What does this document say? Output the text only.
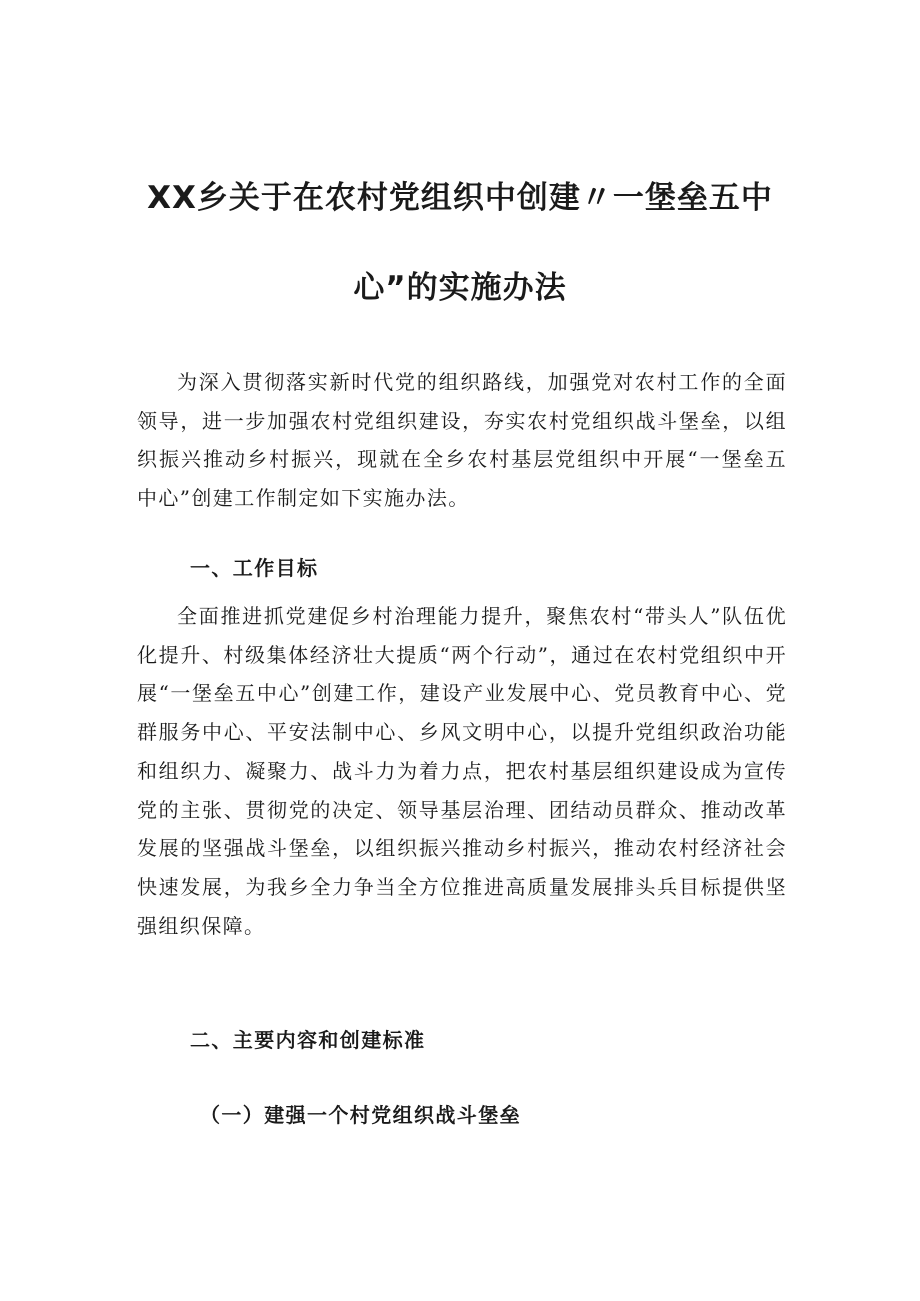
XX乡关于在农村党组织中创建〃一堡垒五中
心”的实施办法

为深入贯彻落实新时代党的组织路线，加强党对农村工作的全面领导，进一步加强农村党组织建设，夯实农村党组织战斗堡垒，以组织振兴推动乡村振兴，现就在全乡农村基层党组织中开展“一堡垒五中心”创建工作制定如下实施办法。

一、工作目标

全面推进抓党建促乡村治理能力提升，聚焦农村“带头人”队伍优化提升、村级集体经济壮大提质“两个行动”，通过在农村党组织中开展“一堡垒五中心”创建工作，建设产业发展中心、党员教育中心、党群服务中心、平安法制中心、乡风文明中心，以提升党组织政治功能和组织力、凝聚力、战斗力为着力点，把农村基层组织建设成为宣传党的主张、贯彻党的决定、领导基层治理、团结动员群众、推动改革发展的坚强战斗堡垒，以组织振兴推动乡村振兴，推动农村经济社会快速发展，为我乡全力争当全方位推进高质量发展排头兵目标提供坚强组织保障。

二、主要内容和创建标准
（一）建强一个村党组织战斗堡垒
